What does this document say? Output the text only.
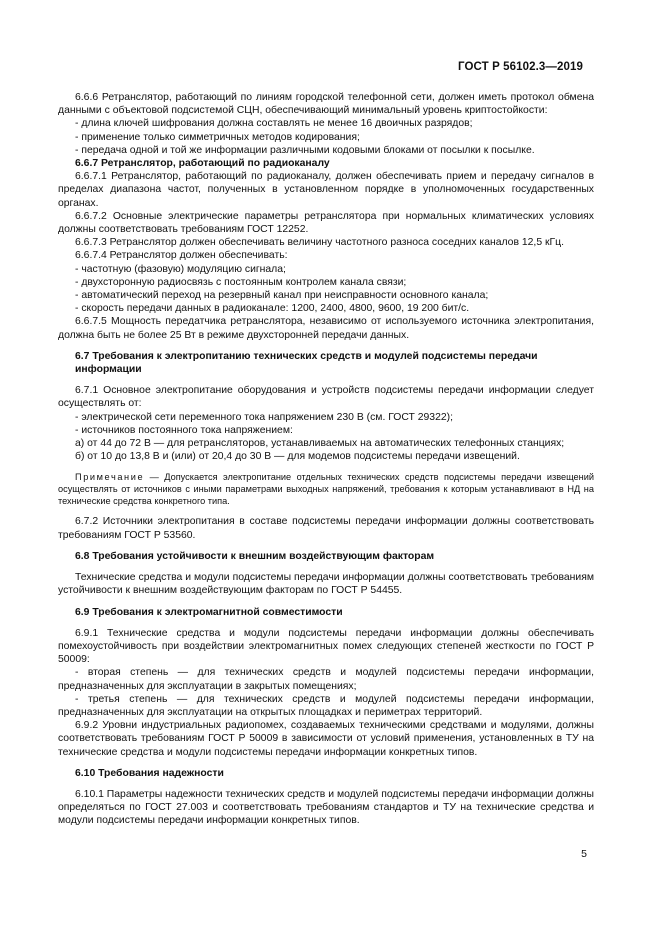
ГОСТ Р 56102.3—2019

6.6.6 Ретранслятор, работающий по линиям городской телефонной сети, должен иметь протокол обмена данными с объектовой подсистемой СЦН, обеспечивающий минимальный уровень криптостойкости:

- длина ключей шифрования должна составлять не менее 16 двоичных разрядов;

- применение только симметричных методов кодирования;

- передача одной и той же информации различными кодовыми блоками от посылки к посылке.

6.6.7 Ретранслятор, работающий по радиоканалу

6.6.7.1 Ретранслятор, работающий по радиоканалу, должен обеспечивать прием и передачу сигналов в пределах диапазона частот, полученных в установленном порядке в уполномоченных государственных органах.

6.6.7.2 Основные электрические параметры ретранслятора при нормальных климатических условиях должны соответствовать требованиям ГОСТ 12252.

6.6.7.3 Ретранслятор должен обеспечивать величину частотного разноса соседних каналов 12,5 кГц.

6.6.7.4 Ретранслятор должен обеспечивать:

- частотную (фазовую) модуляцию сигнала;

- двухсторонную радиосвязь с постоянным контролем канала связи;

- автоматический переход на резервный канал при неисправности основного канала;

- скорость передачи данных в радиоканале: 1200, 2400, 4800, 9600, 19 200 бит/с.

6.6.7.5 Мощность передатчика ретранслятора, независимо от используемого источника электропитания, должна быть не более 25 Вт в режиме двухсторонней передачи данных.

6.7 Требования к электропитанию технических средств и модулей подсистемы передачи информации

6.7.1 Основное электропитание оборудования и устройств подсистемы передачи информации следует осуществлять от:

- электрической сети переменного тока напряжением 230 В (см. ГОСТ 29322);

- источников постоянного тока напряжением:

а) от 44 до 72 В — для ретрансляторов, устанавливаемых на автоматических телефонных станциях;

б) от 10 до 13,8 В и (или) от 20,4 до 30 В — для модемов подсистемы передачи извещений.

Примечание — Допускается электропитание отдельных технических средств подсистемы передачи извещений осуществлять от источников с иными параметрами выходных напряжений, требования к которым устанавливают в НД на технические средства конкретного типа.

6.7.2 Источники электропитания в составе подсистемы передачи информации должны соответствовать требованиям ГОСТ Р 53560.

6.8 Требования устойчивости к внешним воздействующим факторам

Технические средства и модули подсистемы передачи информации должны соответствовать требованиям устойчивости к внешним воздействующим факторам по ГОСТ Р 54455.

6.9 Требования к электромагнитной совместимости

6.9.1 Технические средства и модули подсистемы передачи информации должны обеспечивать помехоустойчивость при воздействии электромагнитных помех следующих степеней жесткости по ГОСТ Р 50009:

- вторая степень — для технических средств и модулей подсистемы передачи информации, предназначенных для эксплуатации в закрытых помещениях;

- третья степень — для технических средств и модулей подсистемы передачи информации, предназначенных для эксплуатации на открытых площадках и периметрах территорий.

6.9.2 Уровни индустриальных радиопомех, создаваемых техническими средствами и модулями, должны соответствовать требованиям ГОСТ Р 50009 в зависимости от условий применения, установленных в ТУ на технические средства и модули подсистемы передачи информации конкретных типов.

6.10 Требования надежности

6.10.1 Параметры надежности технических средств и модулей подсистемы передачи информации должны определяться по ГОСТ 27.003 и соответствовать требованиям стандартов и ТУ на технические средства и модули подсистемы передачи информации конкретных типов.

5
